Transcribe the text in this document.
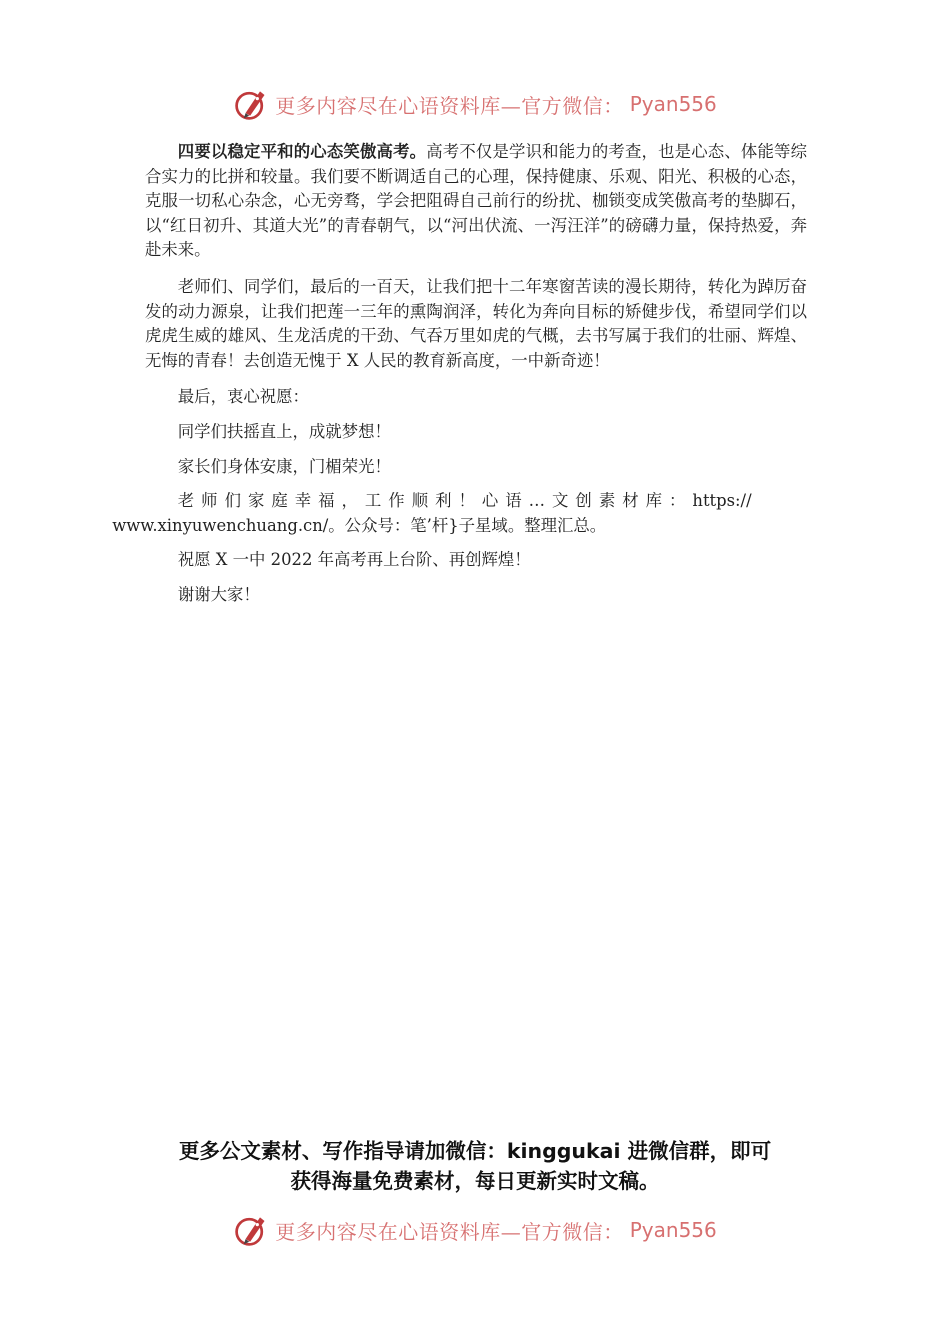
更多内容尽在心语资料库—官方微信： Pyan556

四要以稳定平和的心态笑傲高考。高考不仅是学识和能力的考查，也是心态、体能等综合实力的比拼和较量。我们要不断调适自己的心理，保持健康、乐观、阳光、积极的心态，克服一切私心杂念，心无旁骛，学会把阻碍自己前行的纷扰、枷锁变成笑傲高考的垫脚石，以“红日初升、其道大光”的青春朝气，以“河出伏流、一泻汪洋”的磅礴力量，保持热爱，奔赴未来。

老师们、同学们，最后的一百天，让我们把十二年寒窗苦读的漫长期待，转化为踔厉奋发的动力源泉，让我们把莲一三年的熏陶润泽，转化为奔向目标的矫健步伐，希望同学们以虎虎生威的雄风、生龙活虎的干劲、气吞万里如虎的气概，去书写属于我们的壮丽、辉煌、无悔的青春！去创造无愧于 X 人民的教育新高度，一中新奇迹！

最后，衷心祝愿：

同学们扶摇直上，成就梦想！

家长们身体安康，门楣荣光！

老师们家庭幸福，工作顺利！心语…文创素材库：https://
www.xinyuwenchuang.cn/。公众号：笔’杆}子星域。整理汇总。

祝愿 X 一中 2022 年高考再上台阶、再创辉煌！

谢谢大家！

更多公文素材、写作指导请加微信：kinggukai 进微信群，即可
获得海量免费素材，每日更新实时文稿。
更多内容尽在心语资料库—官方微信： Pyan556
